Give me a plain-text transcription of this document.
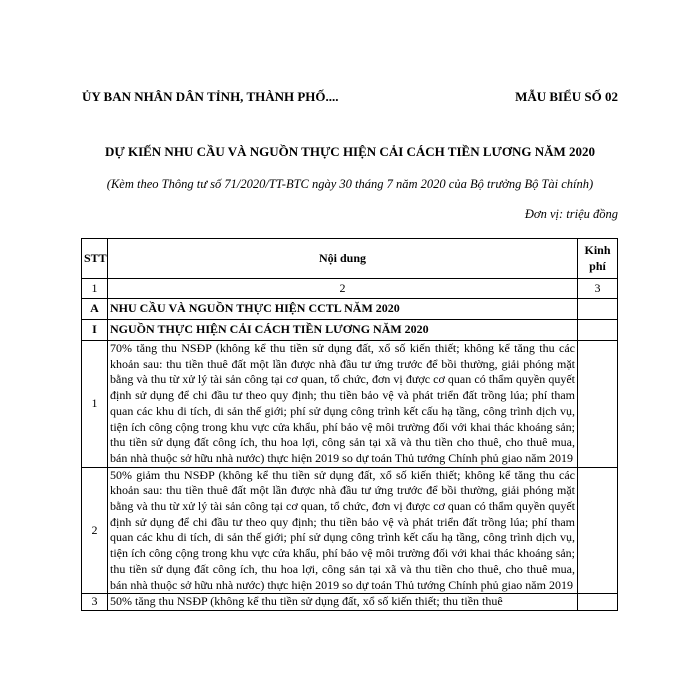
ỦY BAN NHÂN DÂN TỈNH, THÀNH PHỐ....	MẪU BIỂU SỐ 02
DỰ KIẾN NHU CẦU VÀ NGUỒN THỰC HIỆN CẢI CÁCH TIỀN LƯƠNG NĂM 2020
(Kèm theo Thông tư số 71/2020/TT-BTC ngày 30 tháng 7 năm 2020 của Bộ trưởng Bộ Tài chính)
Đơn vị: triệu đồng
STT	Nội dung	Kinh phí
1	2	3
A	NHU CẦU VÀ NGUỒN THỰC HIỆN CCTL NĂM 2020	
I	NGUỒN THỰC HIỆN CẢI CÁCH TIỀN LƯƠNG NĂM 2020	
1	70% tăng thu NSĐP (không kể thu tiền sử dụng đất, xổ số kiến thiết; không kể tăng thu các khoản sau: thu tiền thuê đất một lần được nhà đầu tư ứng trước để bồi thường, giải phóng mặt bằng và thu từ xử lý tài sản công tại cơ quan, tổ chức, đơn vị được cơ quan có thẩm quyền quyết định sử dụng để chi đầu tư theo quy định; thu tiền bảo vệ và phát triển đất trồng lúa; phí tham quan các khu di tích, di sản thế giới; phí sử dụng công trình kết cấu hạ tầng, công trình dịch vụ, tiện ích công cộng trong khu vực cửa khẩu, phí bảo vệ môi trường đối với khai thác khoáng sản; thu tiền sử dụng đất công ích, thu hoa lợi, công sản tại xã và thu tiền cho thuê, cho thuê mua, bán nhà thuộc sở hữu nhà nước) thực hiện 2019 so dự toán Thủ tướng Chính phủ giao năm 2019	
2	50% giảm thu NSĐP (không kể thu tiền sử dụng đất, xổ số kiến thiết; không kể tăng thu các khoản sau: thu tiền thuê đất một lần được nhà đầu tư ứng trước để bồi thường, giải phóng mặt bằng và thu từ xử lý tài sản công tại cơ quan, tổ chức, đơn vị được cơ quan có thẩm quyền quyết định sử dụng để chi đầu tư theo quy định; thu tiền bảo vệ và phát triển đất trồng lúa; phí tham quan các khu di tích, di sản thế giới; phí sử dụng công trình kết cấu hạ tầng, công trình dịch vụ, tiện ích công cộng trong khu vực cửa khẩu, phí bảo vệ môi trường đối với khai thác khoáng sản; thu tiền sử dụng đất công ích, thu hoa lợi, công sản tại xã và thu tiền cho thuê, cho thuê mua, bán nhà thuộc sở hữu nhà nước) thực hiện 2019 so dự toán Thủ tướng Chính phủ giao năm 2019	
3	50% tăng thu NSĐP (không kể thu tiền sử dụng đất, xổ số kiến thiết; thu tiền thuê	
